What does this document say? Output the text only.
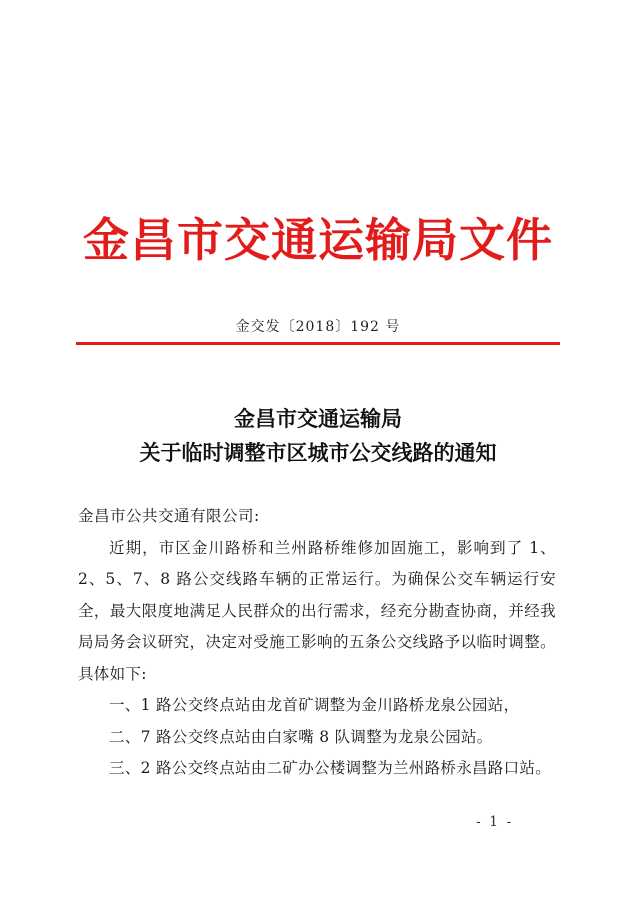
金昌市交通运输局文件
金交发〔2018〕192 号
金昌市交通运输局
关于临时调整市区城市公交线路的通知

金昌市公共交通有限公司:

近期，市区金川路桥和兰州路桥维修加固施工，影响到了 1、2、5、7、8 路公交线路车辆的正常运行。为确保公交车辆运行安全，最大限度地满足人民群众的出行需求，经充分勘查协商，并经我局局务会议研究，决定对受施工影响的五条公交线路予以临时调整。具体如下:

一、1 路公交终点站由龙首矿调整为金川路桥龙泉公园站，

二、7 路公交终点站由白家嘴 8 队调整为龙泉公园站。

三、2 路公交终点站由二矿办公楼调整为兰州路桥永昌路口站。

- 1 -
